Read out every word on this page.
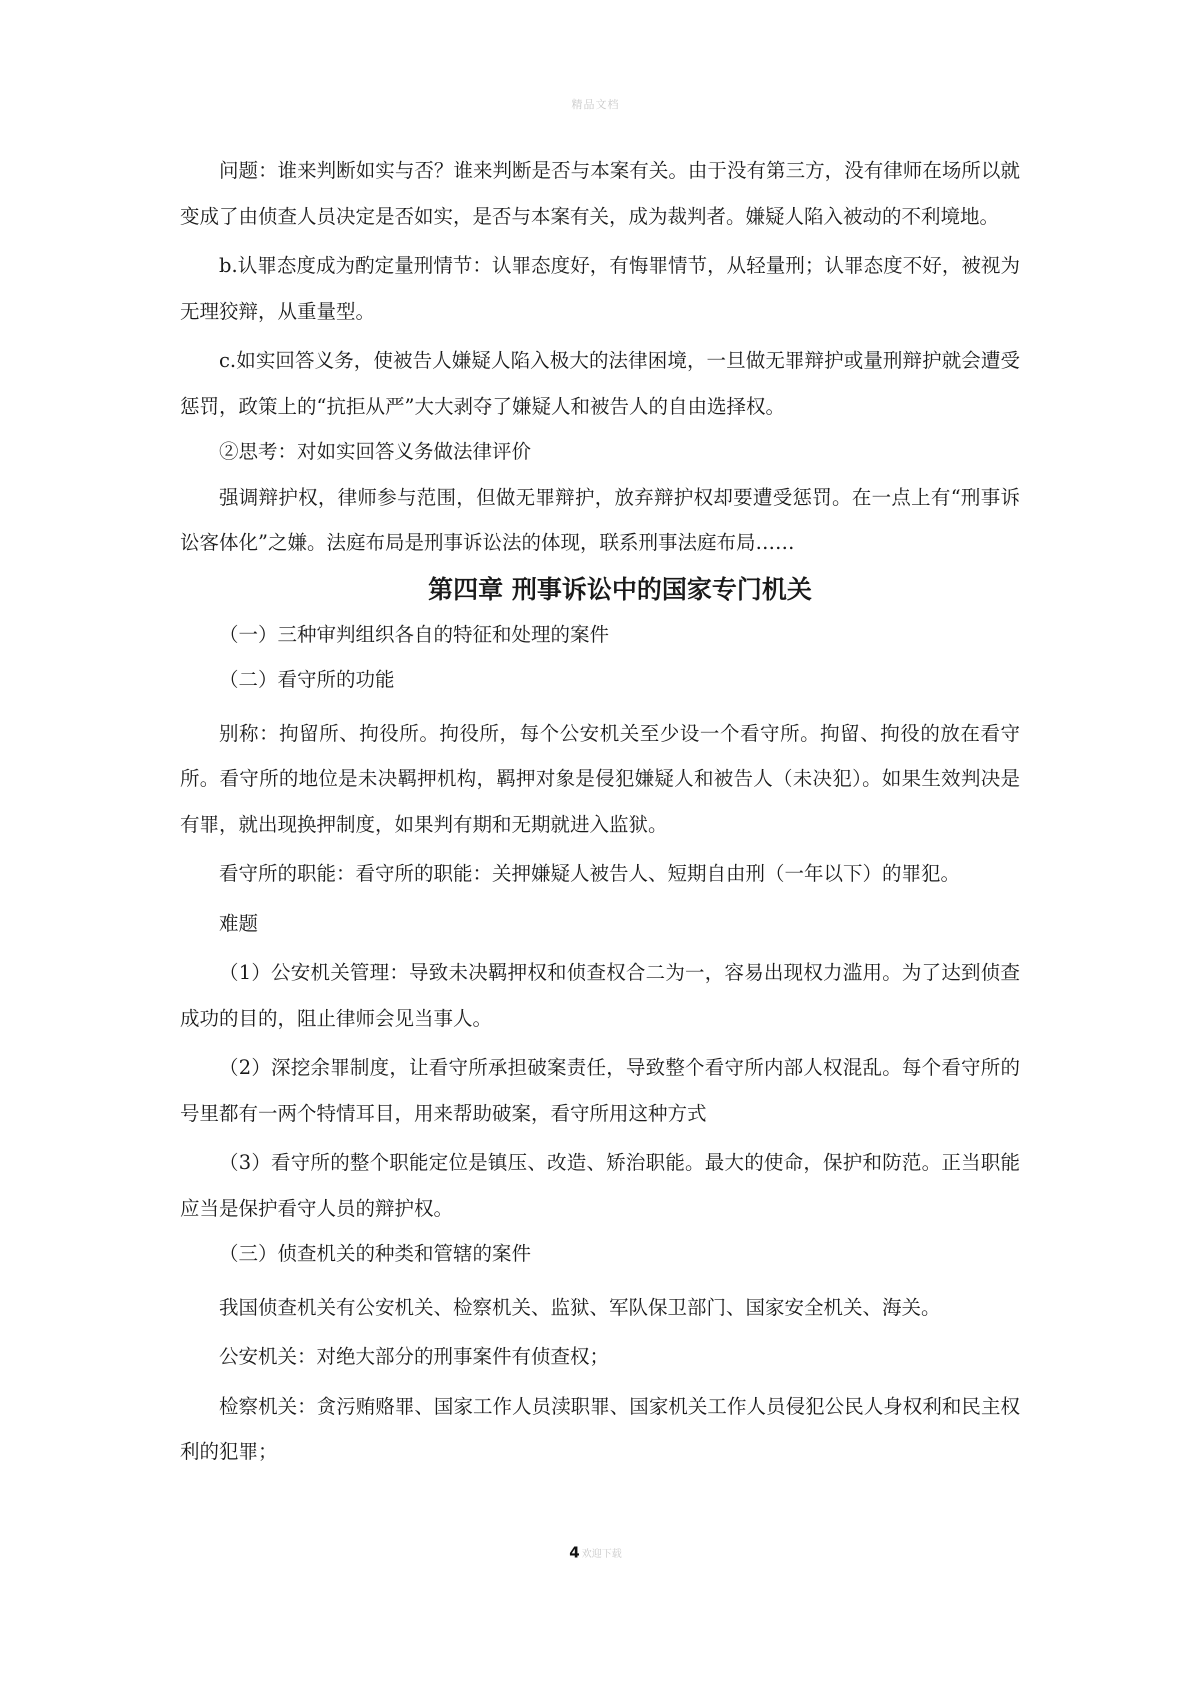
精品文档

问题：谁来判断如实与否？谁来判断是否与本案有关。由于没有第三方，没有律师在场所以就变成了由侦查人员决定是否如实，是否与本案有关，成为裁判者。嫌疑人陷入被动的不利境地。

b.认罪态度成为酌定量刑情节：认罪态度好，有悔罪情节，从轻量刑；认罪态度不好，被视为无理狡辩，从重量型。

c.如实回答义务，使被告人嫌疑人陷入极大的法律困境，一旦做无罪辩护或量刑辩护就会遭受惩罚，政策上的“抗拒从严”大大剥夺了嫌疑人和被告人的自由选择权。

②思考：对如实回答义务做法律评价

强调辩护权，律师参与范围，但做无罪辩护，放弃辩护权却要遭受惩罚。在一点上有“刑事诉讼客体化”之嫌。法庭布局是刑事诉讼法的体现，联系刑事法庭布局……

第四章 刑事诉讼中的国家专门机关

（一）三种审判组织各自的特征和处理的案件

（二）看守所的功能

别称：拘留所、拘役所。拘役所，每个公安机关至少设一个看守所。拘留、拘役的放在看守所。看守所的地位是未决羁押机构，羁押对象是侵犯嫌疑人和被告人（未决犯）。如果生效判决是有罪，就出现换押制度，如果判有期和无期就进入监狱。

看守所的职能：看守所的职能：关押嫌疑人被告人、短期自由刑（一年以下）的罪犯。

难题

（1）公安机关管理：导致未决羁押权和侦查权合二为一，容易出现权力滥用。为了达到侦查成功的目的，阻止律师会见当事人。

（2）深挖余罪制度，让看守所承担破案责任，导致整个看守所内部人权混乱。每个看守所的号里都有一两个特情耳目，用来帮助破案，看守所用这种方式

（3）看守所的整个职能定位是镇压、改造、矫治职能。最大的使命，保护和防范。正当职能应当是保护看守人员的辩护权。

（三）侦查机关的种类和管辖的案件

我国侦查机关有公安机关、检察机关、监狱、军队保卫部门、国家安全机关、海关。

公安机关：对绝大部分的刑事案件有侦查权；

检察机关：贪污贿赂罪、国家工作人员渎职罪、国家机关工作人员侵犯公民人身权利和民主权利的犯罪；

4 欢迎下载
